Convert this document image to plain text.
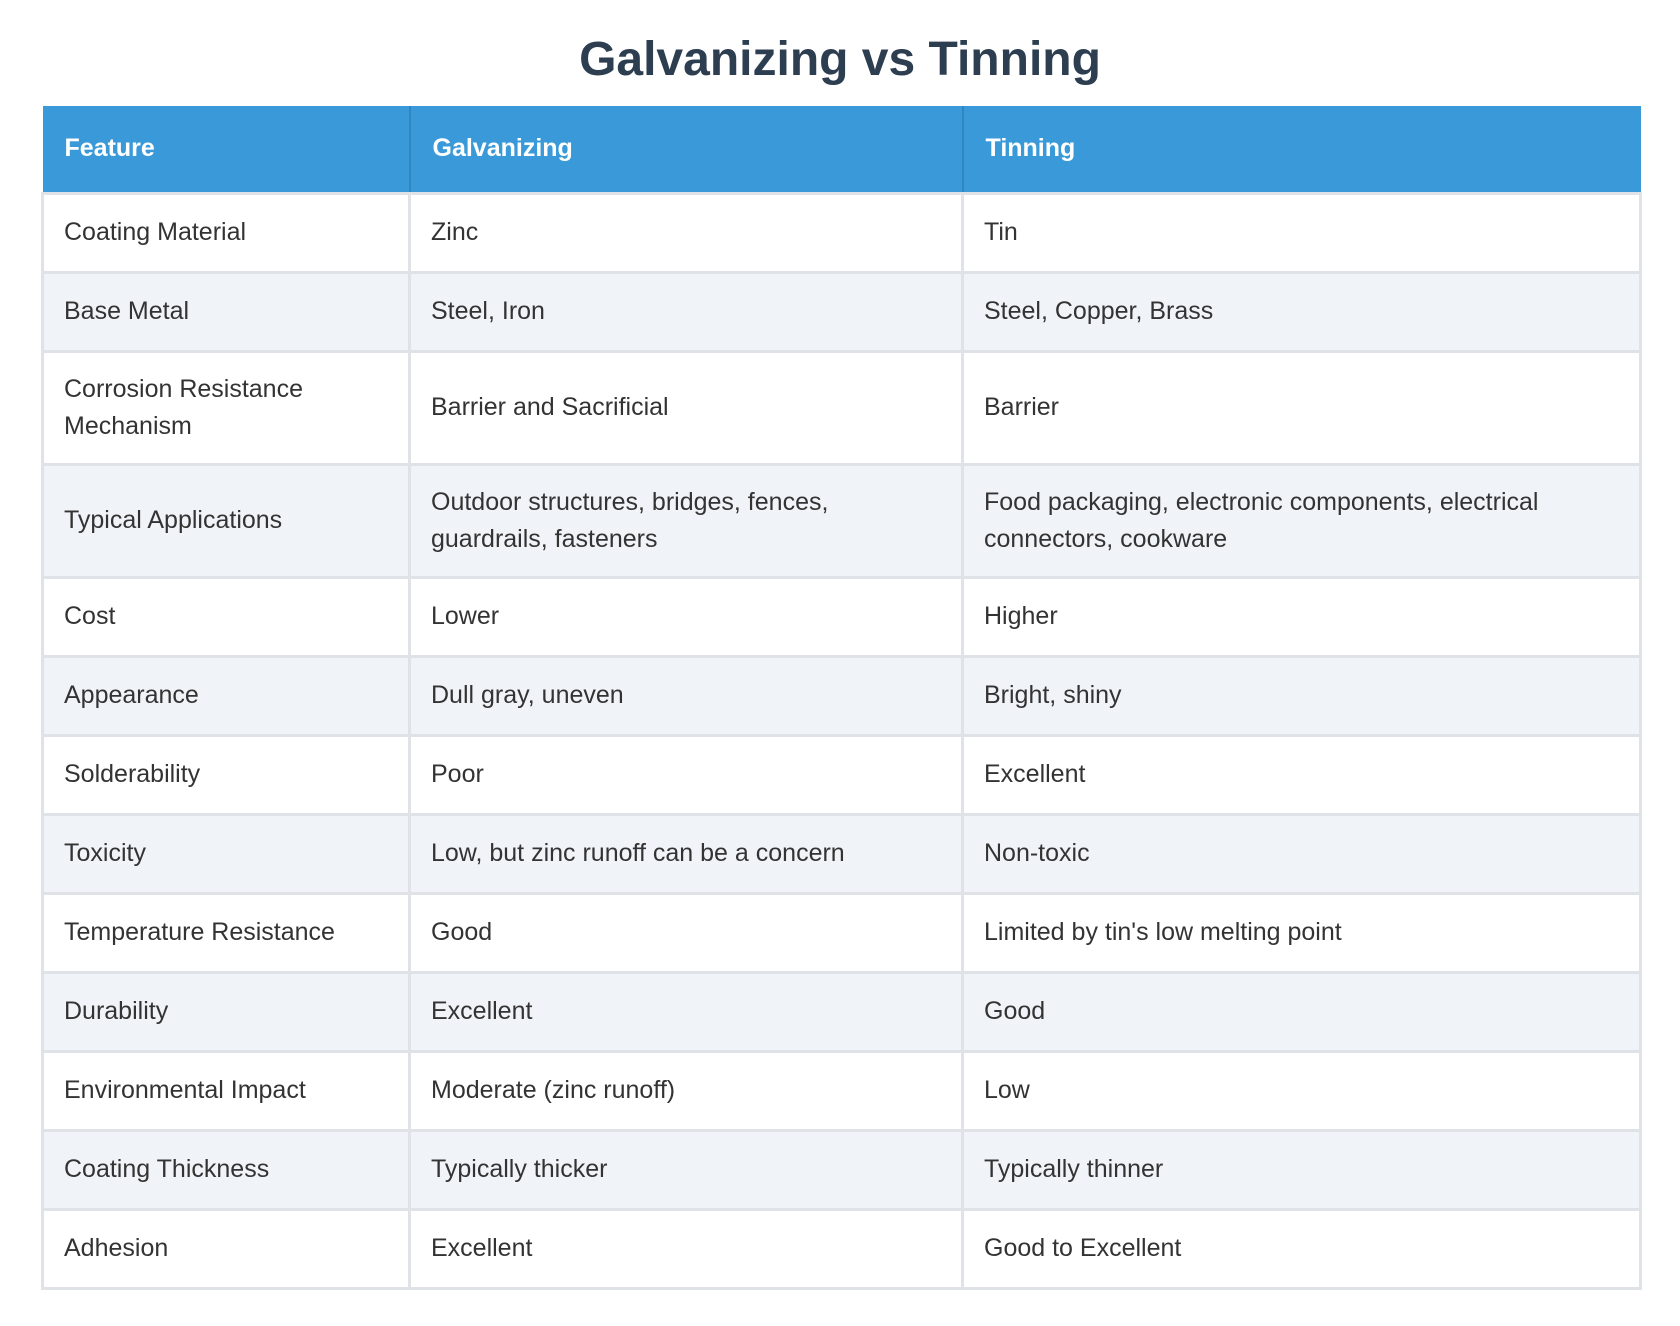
Galvanizing vs Tinning
Feature	Galvanizing	Tinning
Coating Material	Zinc	Tin
Base Metal	Steel, Iron	Steel, Copper, Brass
Corrosion Resistance Mechanism	Barrier and Sacrificial	Barrier
Typical Applications	Outdoor structures, bridges, fences, guardrails, fasteners	Food packaging, electronic components, electrical connectors, cookware
Cost	Lower	Higher
Appearance	Dull gray, uneven	Bright, shiny
Solderability	Poor	Excellent
Toxicity	Low, but zinc runoff can be a concern	Non-toxic
Temperature Resistance	Good	Limited by tin's low melting point
Durability	Excellent	Good
Environmental Impact	Moderate (zinc runoff)	Low
Coating Thickness	Typically thicker	Typically thinner
Adhesion	Excellent	Good to Excellent
